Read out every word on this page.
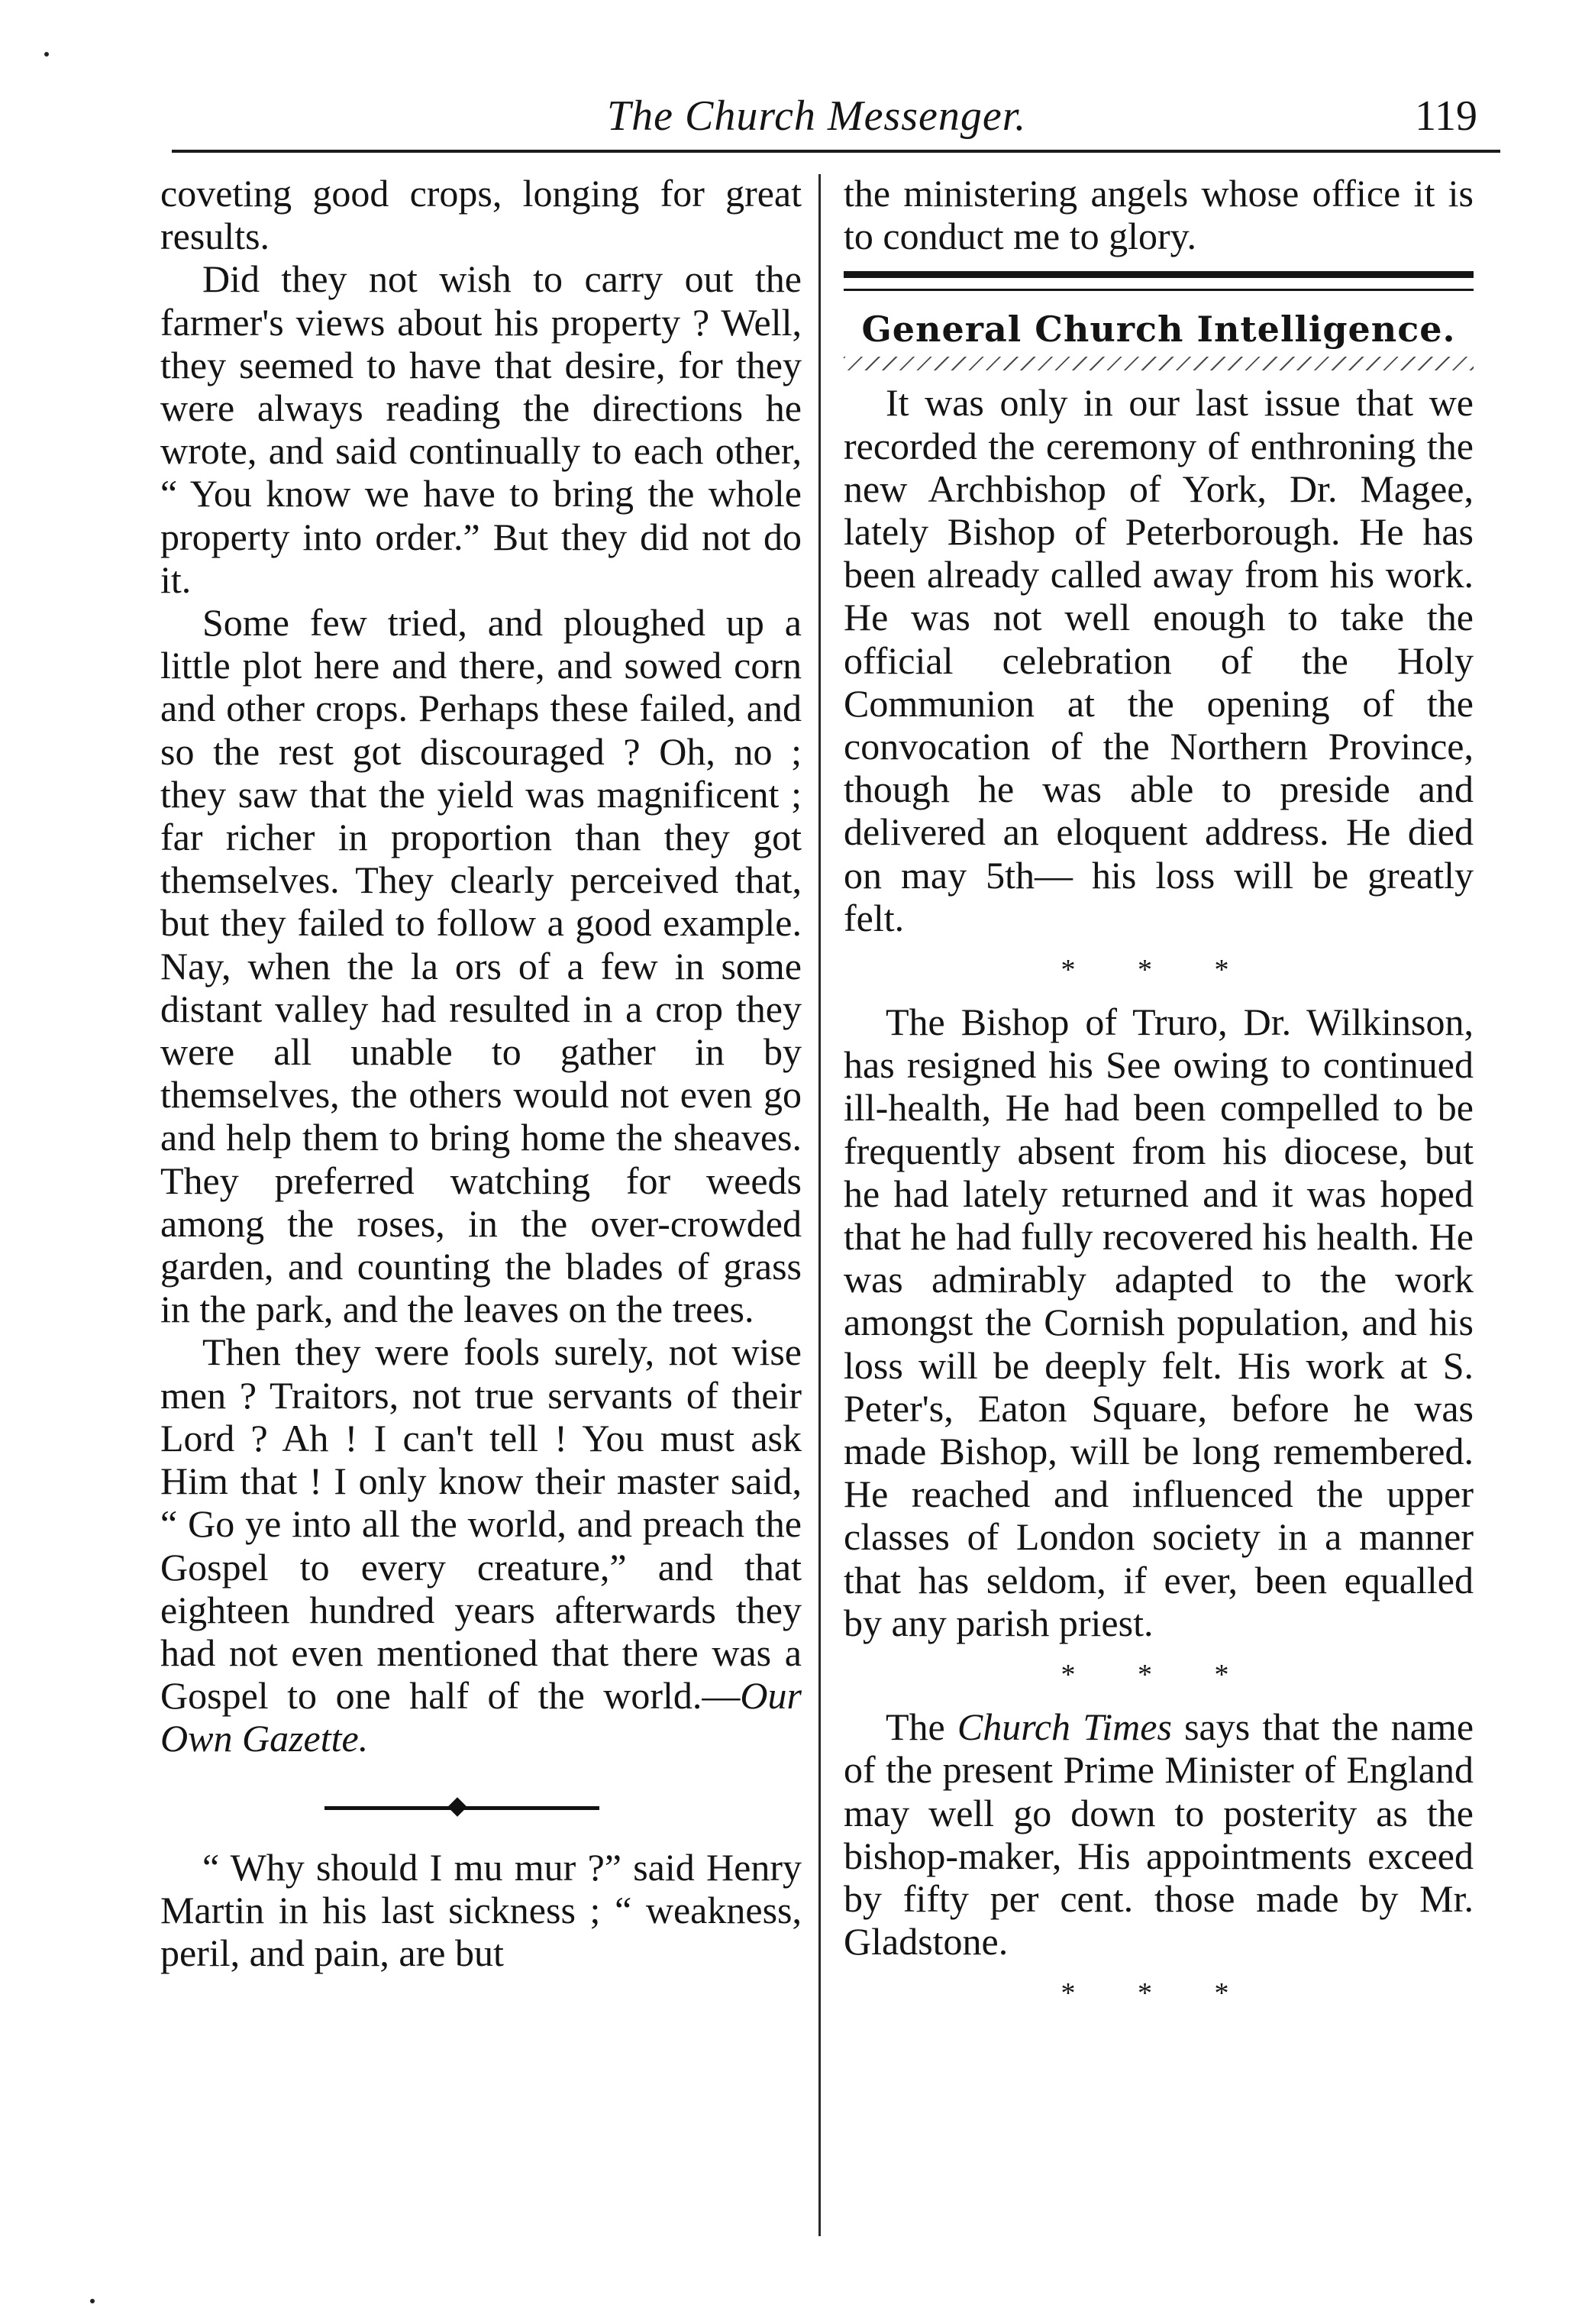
The Church Messenger.	119

coveting good crops, longing for great results.

Did they not wish to carry out the farmer's views about his property ? Well, they seemed to have that desire, for they were always reading the directions he wrote, and said continually to each other, “ You know we have to bring the whole property into order.” But they did not do it.

Some few tried, and ploughed up a little plot here and there, and sowed corn and other crops. Perhaps these failed, and so the rest got discouraged ? Oh, no ; they saw that the yield was magnificent ; far richer in proportion than they got themselves. They clearly perceived that, but they failed to follow a good example. Nay, when the la ors of a few in some distant valley had resulted in a crop they were all unable to gather in by themselves, the others would not even go and help them to bring home the sheaves. They preferred watching for weeds among the roses, in the over-crowded garden, and counting the blades of grass in the park, and the leaves on the trees.

Then they were fools surely, not wise men ? Traitors, not true servants of their Lord ? Ah ! I can't tell ! You must ask Him that ! I only know their master said, “ Go ye into all the world, and preach the Gospel to every creature,” and that eighteen hundred years afterwards they had not even mentioned that there was a Gospel to one half of the world.—Our Own Gazette.

“ Why should I mu mur ?” said Henry Martin in his last sickness ; “ weakness, peril, and pain, are but

the ministering angels whose office it is to conduct me to glory.

General Church Intelligence.

It was only in our last issue that we recorded the ceremony of enthroning the new Archbishop of York, Dr. Magee, lately Bishop of Peterborough. He has been already called away from his work. He was not well enough to take the official celebration of the Holy Communion at the opening of the convocation of the Northern Province, though he was able to preside and delivered an eloquent address. He died on may 5th— his loss will be greatly felt.

* * *

The Bishop of Truro, Dr. Wilkinson, has resigned his See owing to continued ill-health, He had been compelled to be frequently absent from his diocese, but he had lately returned and it was hoped that he had fully recovered his health. He was admirably adapted to the work amongst the Cornish population, and his loss will be deeply felt. His work at S. Peter's, Eaton Square, before he was made Bishop, will be long remembered. He reached and influenced the upper classes of London society in a manner that has seldom, if ever, been equalled by any parish priest.

* * *

The Church Times says that the name of the present Prime Minister of England may well go down to posterity as the bishop-maker, His appointments exceed by fifty per cent. those made by Mr. Gladstone.

* * *
